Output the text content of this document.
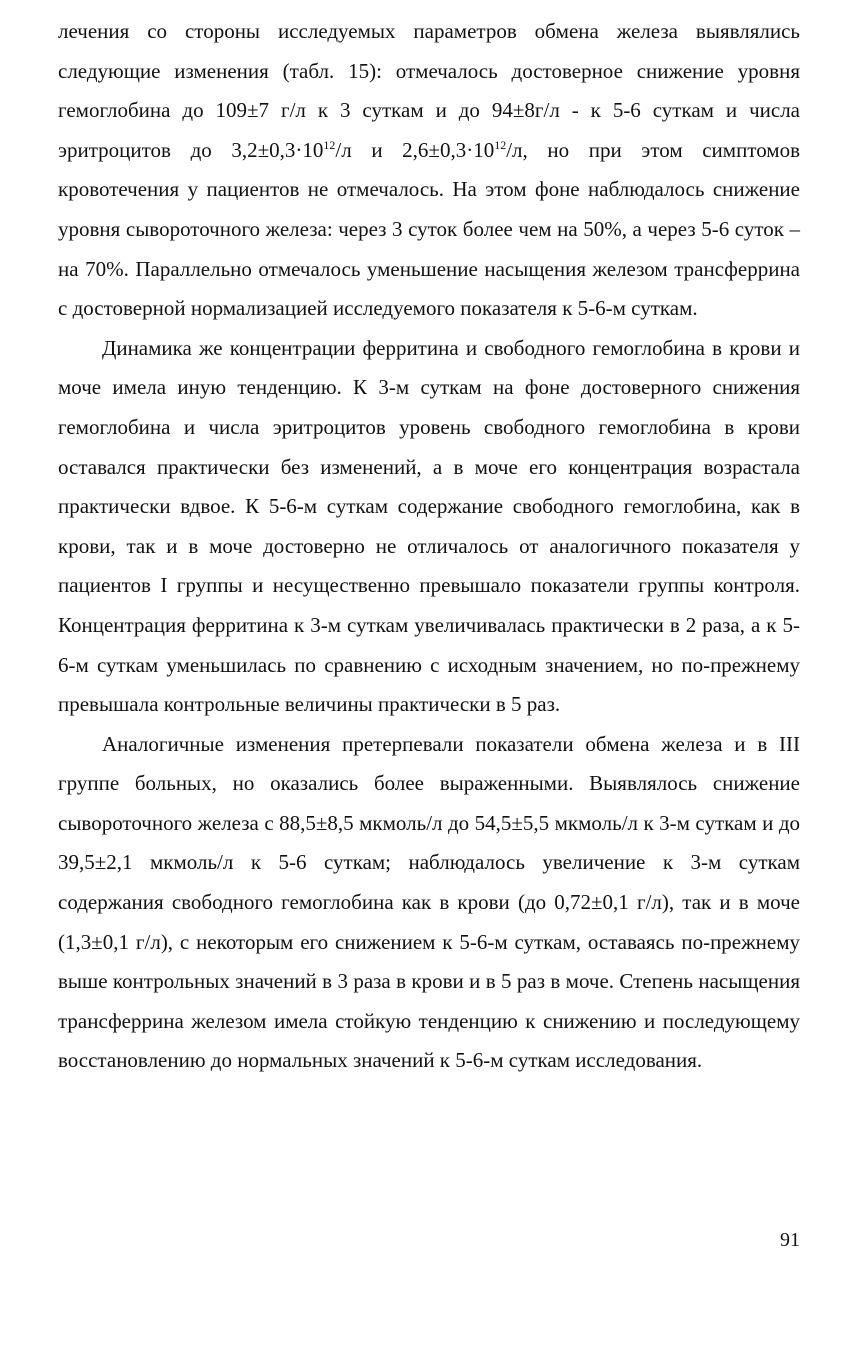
лечения со стороны исследуемых параметров обмена железа выявлялись следующие изменения (табл. 15): отмечалось достоверное снижение уровня гемоглобина до 109±7 г/л к 3 суткам и до 94±8г/л - к 5-6 суткам и числа эритроцитов до $3,2\pm 0,3\cdot 10^{12}/л$ и $2,6\pm 0,3\cdot 10^{12}/л$, но при этом симптомов кровотечения у пациентов не отмечалось. На этом фоне наблюдалось снижение уровня сывороточного железа: через 3 суток более чем на 50%, а через 5-6 суток – на 70%. Параллельно отмечалось уменьшение насыщения железом трансферрина с достоверной нормализацией исследуемого показателя к 5-6-м суткам.

Динамика же концентрации ферритина и свободного гемоглобина в крови и моче имела иную тенденцию. К 3-м суткам на фоне достоверного снижения гемоглобина и числа эритроцитов уровень свободного гемоглобина в крови оставался практически без изменений, а в моче его концентрация возрастала практически вдвое. К 5-6-м суткам содержание свободного гемоглобина, как в крови, так и в моче достоверно не отличалось от аналогичного показателя у пациентов I группы и несущественно превышало показатели группы контроля. Концентрация ферритина к 3-м суткам увеличивалась практически в 2 раза, а к 5-6-м суткам уменьшилась по сравнению с исходным значением, но по-прежнему превышала контрольные величины практически в 5 раз.

Аналогичные изменения претерпевали показатели обмена железа и в III группе больных, но оказались более выраженными. Выявлялось снижение сывороточного железа с 88,5±8,5 мкмоль/л до 54,5±5,5 мкмоль/л к 3-м суткам и до 39,5±2,1 мкмоль/л к 5-6 суткам; наблюдалось увеличение к 3-м суткам содержания свободного гемоглобина как в крови (до 0,72±0,1 г/л), так и в моче (1,3±0,1 г/л), с некоторым его снижением к 5-6-м суткам, оставаясь по-прежнему выше контрольных значений в 3 раза в крови и в 5 раз в моче. Степень насыщения трансферрина железом имела стойкую тенденцию к снижению и последующему восстановлению до нормальных значений к 5-6-м суткам исследования.

91
